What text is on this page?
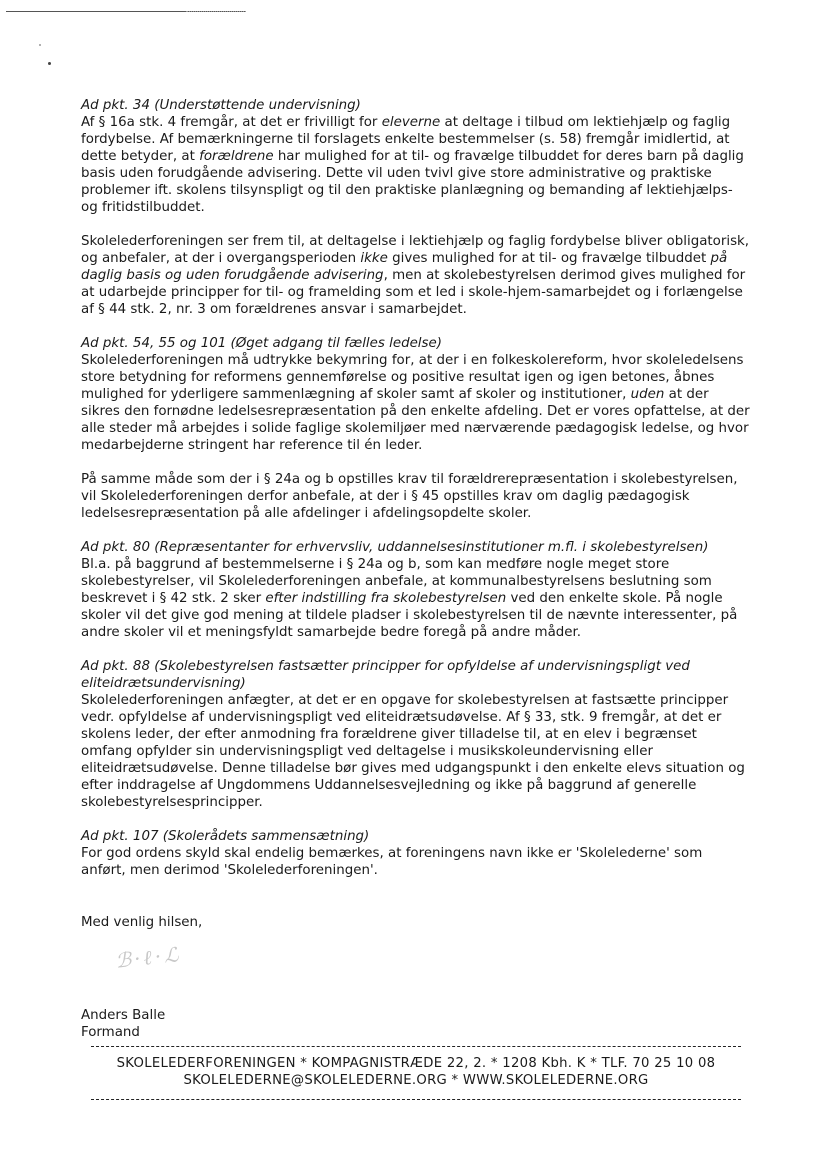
Ad pkt. 34 (Understøttende undervisning)
Af § 16a stk. 4 fremgår, at det er frivilligt for eleverne at deltage i tilbud om lektiehjælp og faglig fordybelse. Af bemærkningerne til forslagets enkelte bestemmelser (s. 58) fremgår imidlertid, at dette betyder, at forældrene har mulighed for at til- og fravælge tilbuddet for deres barn på daglig basis uden forudgående advisering. Dette vil uden tvivl give store administrative og praktiske problemer ift. skolens tilsynspligt og til den praktiske planlægning og bemanding af lektiehjælps- og fritidstilbuddet.
Skolelederforeningen ser frem til, at deltagelse i lektiehjælp og faglig fordybelse bliver obligatorisk, og anbefaler, at der i overgangsperioden ikke gives mulighed for at til- og fravælge tilbuddet på daglig basis og uden forudgående advisering, men at skolebestyrelsen derimod gives mulighed for at udarbejde principper for til- og framelding som et led i skole-hjem-samarbejdet og i forlængelse af § 44 stk. 2, nr. 3 om forældrenes ansvar i samarbejdet.
Ad pkt. 54, 55 og 101 (Øget adgang til fælles ledelse)
Skolelederforeningen må udtrykke bekymring for, at der i en folkeskolereform, hvor skoleledelsens store betydning for reformens gennemførelse og positive resultat igen og igen betones, åbnes mulighed for yderligere sammenlægning af skoler samt af skoler og institutioner, uden at der sikres den fornødne ledelsesrepræsentation på den enkelte afdeling. Det er vores opfattelse, at der alle steder må arbejdes i solide faglige skolemiljøer med nærværende pædagogisk ledelse, og hvor medarbejderne stringent har reference til én leder.
På samme måde som der i § 24a og b opstilles krav til forældrerepræsentation i skolebestyrelsen, vil Skolelederforeningen derfor anbefale, at der i § 45 opstilles krav om daglig pædagogisk ledelsesrepræsentation på alle afdelinger i afdelingsopdelte skoler.
Ad pkt. 80 (Repræsentanter for erhvervsliv, uddannelsesinstitutioner m.fl. i skolebestyrelsen)
Bl.a. på baggrund af bestemmelserne i § 24a og b, som kan medføre nogle meget store skolebestyrelser, vil Skolelederforeningen anbefale, at kommunalbestyrelsens beslutning som beskrevet i § 42 stk. 2 sker efter indstilling fra skolebestyrelsen ved den enkelte skole. På nogle skoler vil det give god mening at tildele pladser i skolebestyrelsen til de nævnte interessenter, på andre skoler vil et meningsfyldt samarbejde bedre foregå på andre måder.
Ad pkt. 88 (Skolebestyrelsen fastsætter principper for opfyldelse af undervisningspligt ved eliteidrætsundervisning)
Skolelederforeningen anfægter, at det er en opgave for skolebestyrelsen at fastsætte principper vedr. opfyldelse af undervisningspligt ved eliteidrætsudøvelse. Af § 33, stk. 9 fremgår, at det er skolens leder, der efter anmodning fra forældrene giver tilladelse til, at en elev i begrænset omfang opfylder sin undervisningspligt ved deltagelse i musikskoleundervisning eller eliteidrætsudøvelse. Denne tilladelse bør gives med udgangspunkt i den enkelte elevs situation og efter inddragelse af Ungdommens Uddannelsesvejledning og ikke på baggrund af generelle skolebestyrelsesprincipper.
Ad pkt. 107 (Skolerådets sammensætning)
For god ordens skyld skal endelig bemærkes, at foreningens navn ikke er 'Skolelederne' som anført, men derimod 'Skolelederforeningen'.
Med venlig hilsen,
ℬ·ℓ·ℒ
Anders Balle
Formand
SKOLELEDERFORENINGEN * KOMPAGNISTRÆDE 22, 2. * 1208 Kbh. K * TLF. 70 25 10 08
SKOLELEDERNE@SKOLELEDERNE.ORG * WWW.SKOLELEDERNE.ORG
